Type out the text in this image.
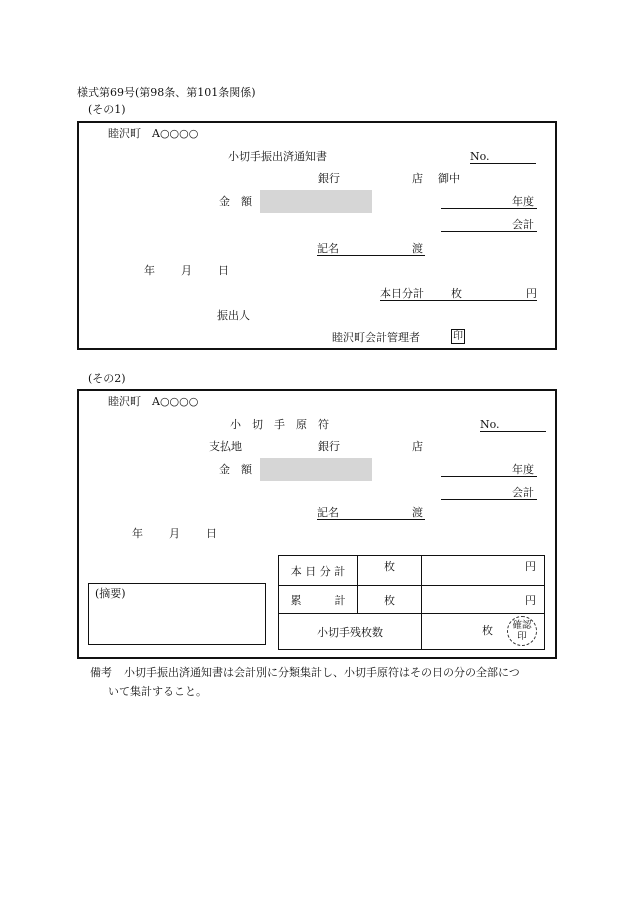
様式第69号(第98条、第101条関係)
(その1)
睦沢町　A○○○○
小切手振出済通知書	No.
銀行	店 御中
金　額	年度
会計
記名	渡
年 月 日
本日分計 枚	円
振出人
睦沢町会計管理者	印
(その2)
睦沢町　A○○○○
小　切　手　原　符	No.
支払地	銀行	店
金　額	年度
会計
記名	渡
年 月 日
(摘要)
本 日 分 計	枚	円
累　　　計	枚	円
小切手残枚数		枚 確認
印
備考 小切手振出済通知書は会計別に分類集計し、小切手原符はその日の分の全部につ
いて集計すること。
